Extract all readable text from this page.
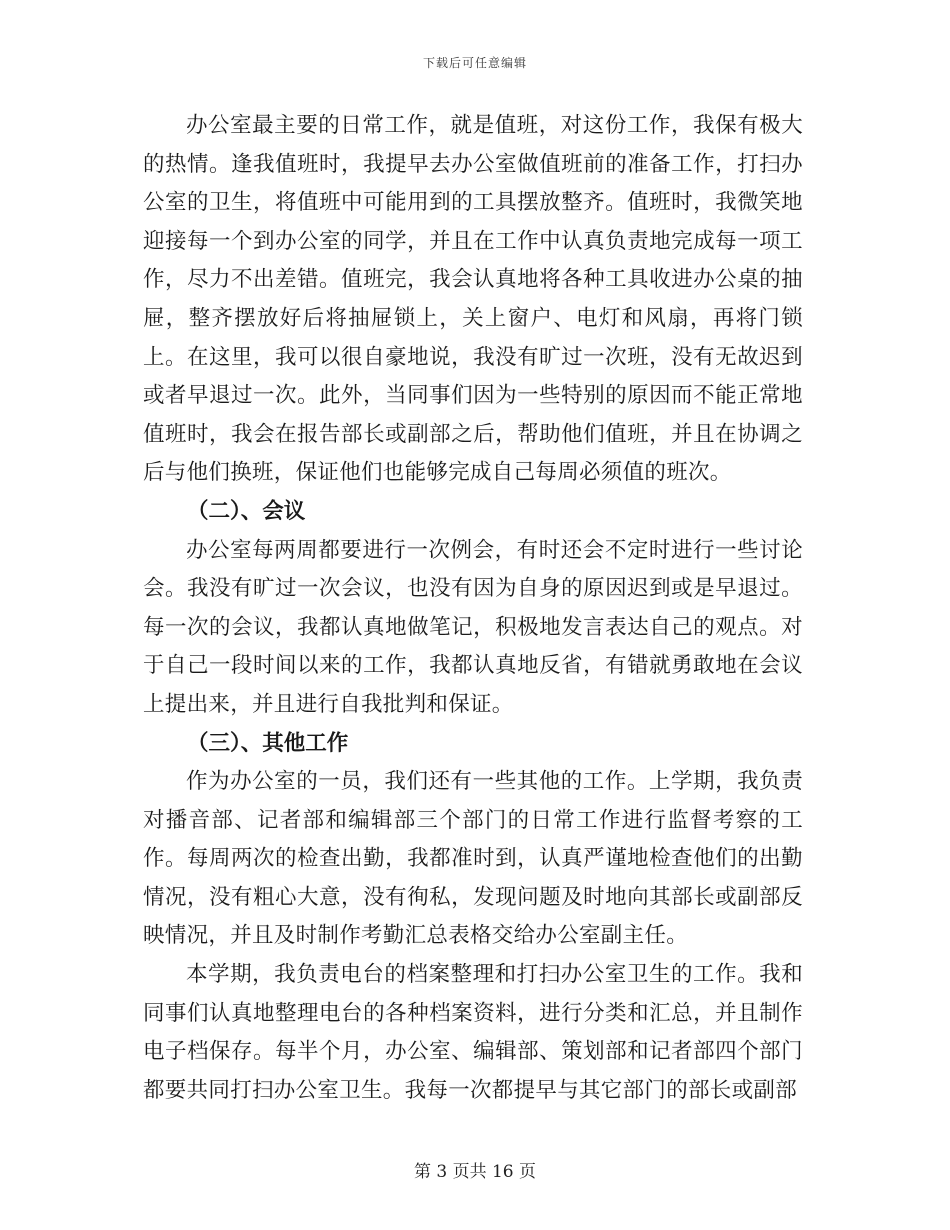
下载后可任意编辑

办公室最主要的日常工作，就是值班，对这份工作，我保有极大的热情。逢我值班时，我提早去办公室做值班前的准备工作，打扫办公室的卫生，将值班中可能用到的工具摆放整齐。值班时，我微笑地迎接每一个到办公室的同学，并且在工作中认真负责地完成每一项工作，尽力不出差错。值班完，我会认真地将各种工具收进办公桌的抽屉，整齐摆放好后将抽屉锁上，关上窗户、电灯和风扇，再将门锁上。在这里，我可以很自豪地说，我没有旷过一次班，没有无故迟到或者早退过一次。此外，当同事们因为一些特别的原因而不能正常地值班时，我会在报告部长或副部之后，帮助他们值班，并且在协调之后与他们换班，保证他们也能够完成自己每周必须值的班次。

（二）、会议

办公室每两周都要进行一次例会，有时还会不定时进行一些讨论会。我没有旷过一次会议，也没有因为自身的原因迟到或是早退过。每一次的会议，我都认真地做笔记，积极地发言表达自己的观点。对于自己一段时间以来的工作，我都认真地反省，有错就勇敢地在会议上提出来，并且进行自我批判和保证。

（三）、其他工作

作为办公室的一员，我们还有一些其他的工作。上学期，我负责对播音部、记者部和编辑部三个部门的日常工作进行监督考察的工作。每周两次的检查出勤，我都准时到，认真严谨地检查他们的出勤情况，没有粗心大意，没有徇私，发现问题及时地向其部长或副部反映情况，并且及时制作考勤汇总表格交给办公室副主任。

本学期，我负责电台的档案整理和打扫办公室卫生的工作。我和同事们认真地整理电台的各种档案资料，进行分类和汇总，并且制作电子档保存。每半个月，办公室、编辑部、策划部和记者部四个部门都要共同打扫办公室卫生。我每一次都提早与其它部门的部长或副部

第 3 页共 16 页
